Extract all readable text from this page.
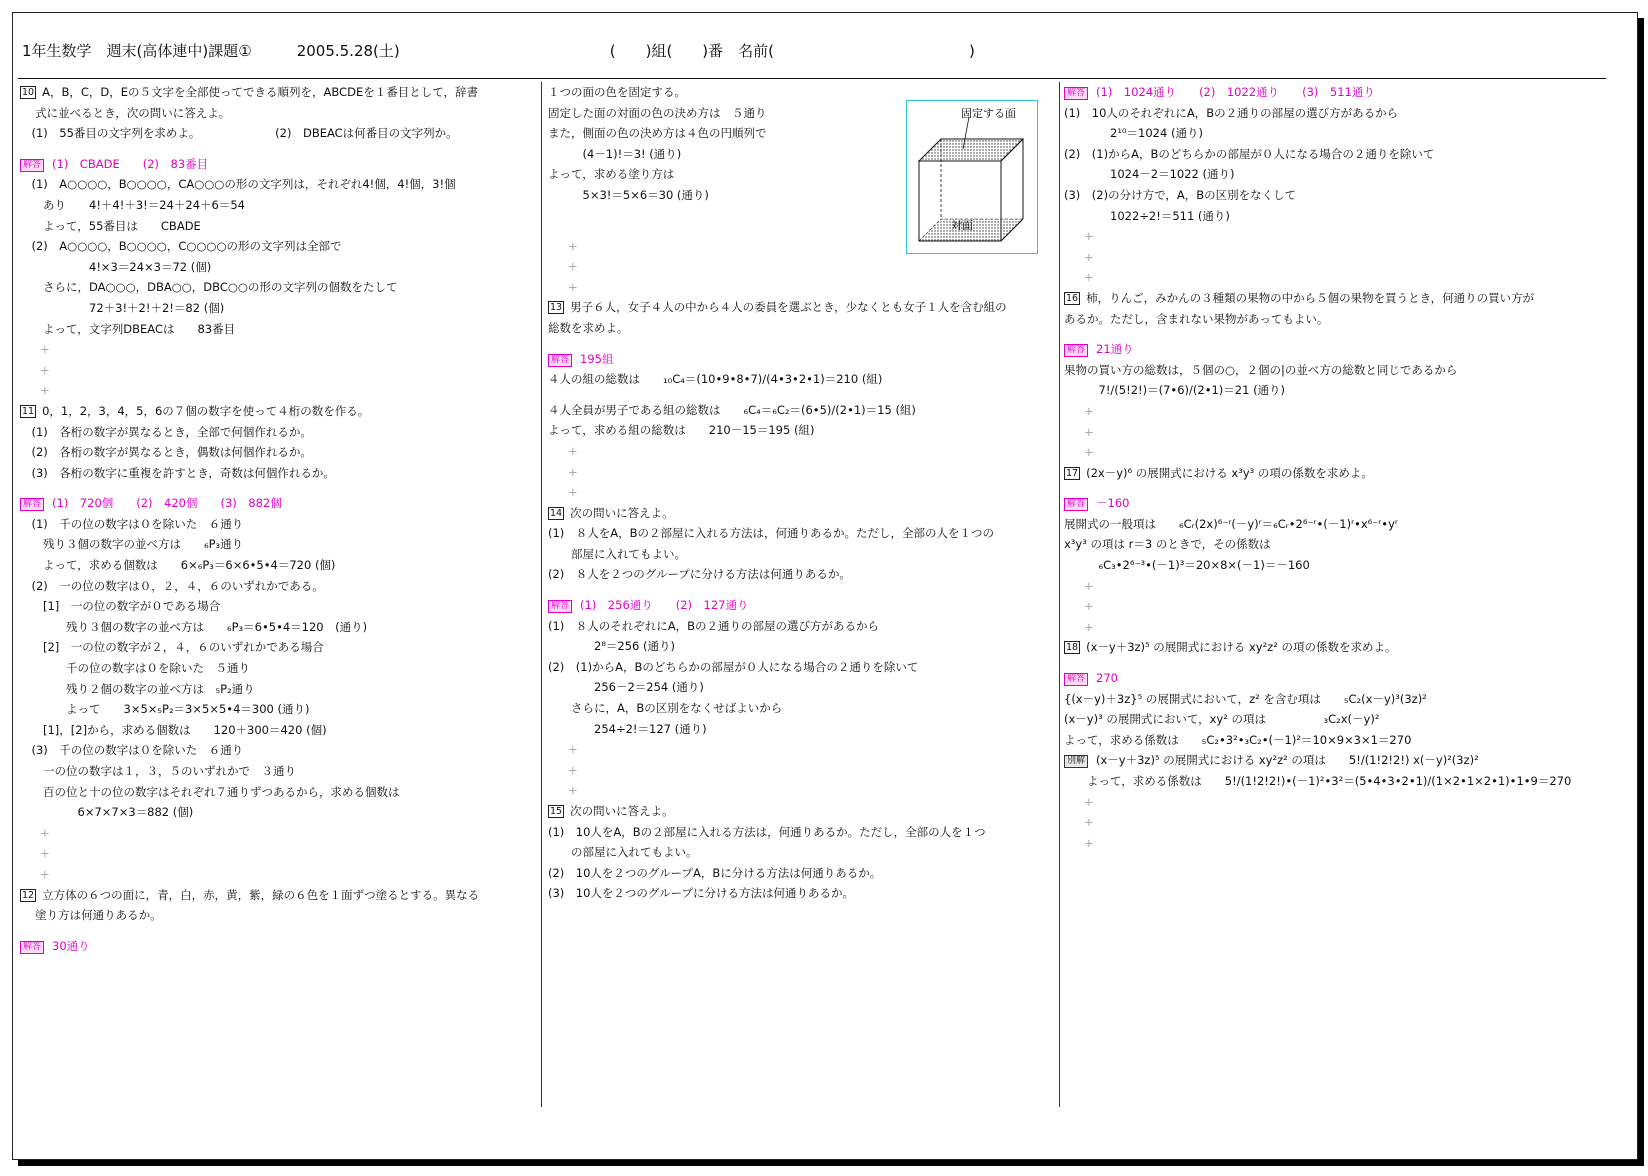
1年生数学　週末(高体連中)課題①　　　2005.5.28(土)　　　　　　　　　　　　　　(　　)組(　　)番　名前(　　　　　　　　　　　　　)
10 A，B，C，D，Eの５文字を全部使ってできる順列を，ABCDEを１番目として，辞書
　 式に並べるとき，次の問いに答えよ。
　(1)　55番目の文字列を求めよ。　　　　　　　(2)　DBEACは何番目の文字列か。
解答 (1)　CBADE　　(2)　83番目
　(1)　A○○○○，B○○○○，CA○○○の形の文字列は，それぞれ4!個，4!個，3!個
　　あり　　4!＋4!＋3!＝24＋24＋6＝54
　　よって，55番目は　　CBADE
　(2)　A○○○○，B○○○○，C○○○○の形の文字列は全部で
　　　　　　4!×3＝24×3＝72 (個)
　　さらに，DA○○○，DBA○○，DBC○○の形の文字列の個数をたして
　　　　　　72＋3!＋2!＋2!＝82 (個)
　　よって，文字列DBEACは　　83番目
+
+
+
11 0，1，2，3，4，5，6の７個の数字を使って４桁の数を作る。
　(1)　各桁の数字が異なるとき，全部で何個作れるか。
　(2)　各桁の数字が異なるとき，偶数は何個作れるか。
　(3)　各桁の数字に重複を許すとき，奇数は何個作れるか。
解答 (1)　720個　　(2)　420個　　(3)　882個
　(1)　千の位の数字は０を除いた　６通り
　　残り３個の数字の並べ方は　　₆P₃通り
　　よって，求める個数は　　6×₆P₃＝6×6•5•4＝720 (個)
　(2)　一の位の数字は０，２，４，６のいずれかである。
　　[1]　一の位の数字が０である場合
　　　　残り３個の数字の並べ方は　　₆P₃＝6•5•4＝120　(通り)
　　[2]　一の位の数字が２，４，６のいずれかである場合
　　　　千の位の数字は０を除いた　５通り
　　　　残り２個の数字の並べ方は　₅P₂通り
　　　　よって　　3×5×₅P₂＝3×5×5•4＝300 (通り)
　　[1]，[2]から，求める個数は　　120＋300＝420 (個)
　(3)　千の位の数字は０を除いた　６通り
　　一の位の数字は１，３，５のいずれかで　３通り
　　百の位と十の位の数字はそれぞれ７通りずつあるから，求める個数は
　　　　　6×7×7×3＝882 (個)
+
+
+
12 立方体の６つの面に，青，白，赤，黄，紫，緑の６色を１面ずつ塗るとする。異なる
　 塗り方は何通りあるか。
解答 30通り
１つの面の色を固定する。
固定した面の対面の色の決め方は　５通り
また，側面の色の決め方は４色の円順列で
　　　(4－1)!＝3! (通り)
よって，求める塗り方は
　　　5×3!＝5×6＝30 (通り)
+
+
+
13 男子６人，女子４人の中から４人の委員を選ぶとき，少なくとも女子１人を含む組の
総数を求めよ。
解答 195組
４人の組の総数は　　₁₀C₄＝(10•9•8•7)/(4•3•2•1)＝210 (組)
４人全員が男子である組の総数は　　₆C₄＝₆C₂＝(6•5)/(2•1)＝15 (組)
よって，求める組の総数は　　210－15＝195 (組)
+
+
+
14 次の問いに答えよ。
(1)　８人をA，Bの２部屋に入れる方法は，何通りあるか。ただし，全部の人を１つの
　　部屋に入れてもよい。
(2)　８人を２つのグループに分ける方法は何通りあるか。
解答 (1)　256通り　　(2)　127通り
(1)　８人のそれぞれにA，Bの２通りの部屋の選び方があるから
　　　　2⁸＝256 (通り)
(2)　(1)からA，Bのどちらかの部屋が０人になる場合の２通りを除いて
　　　　256－2＝254 (通り)
　　さらに，A，Bの区別をなくせばよいから
　　　　254÷2!＝127 (通り)
+
+
+
15 次の問いに答えよ。
(1)　10人をA，Bの２部屋に入れる方法は，何通りあるか。ただし，全部の人を１つ
　　の部屋に入れてもよい。
(2)　10人を２つのグループA，Bに分ける方法は何通りあるか。
(3)　10人を２つのグループに分ける方法は何通りあるか。
解答 (1)　1024通り　　(2)　1022通り　　(3)　511通り
(1)　10人のそれぞれにA，Bの２通りの部屋の選び方があるから
　　　　2¹⁰＝1024 (通り)
(2)　(1)からA，Bのどちらかの部屋が０人になる場合の２通りを除いて
　　　　1024－2＝1022 (通り)
(3)　(2)の分け方で，A，Bの区別をなくして
　　　　1022÷2!＝511 (通り)
+
+
+
16 柿，りんご，みかんの３種類の果物の中から５個の果物を買うとき，何通りの買い方が
あるか。ただし，含まれない果物があってもよい。
解答 21通り
果物の買い方の総数は，５個の○，２個の|の並べ方の総数と同じであるから
　　　7!/(5!2!)＝(7•6)/(2•1)＝21 (通り)
+
+
+
17 (2x－y)⁶ の展開式における x³y³ の項の係数を求めよ。
解答 －160
展開式の一般項は　　₆Cᵣ(2x)⁶⁻ʳ(－y)ʳ＝₆Cᵣ•2⁶⁻ʳ•(－1)ʳ•x⁶⁻ʳ•yʳ
x³y³ の項は r＝3 のときで，その係数は
　　　₆C₃•2⁶⁻³•(－1)³＝20×8×(－1)＝－160
+
+
+
18 (x－y＋3z)⁵ の展開式における xy²z² の項の係数を求めよ。
解答 270
{(x－y)＋3z}⁵ の展開式において，z² を含む項は　　₅C₂(x－y)³(3z)²
(x－y)³ の展開式において，xy² の項は　　　　　₃C₂x(－y)²
よって，求める係数は　　₅C₂•3²•₃C₂•(－1)²＝10×9×3×1＝270
別解 (x－y＋3z)⁵ の展開式における xy²z² の項は　　5!/(1!2!2!) x(－y)²(3z)²
　　よって，求める係数は　　5!/(1!2!2!)•(－1)²•3²＝(5•4•3•2•1)/(1×2•1×2•1)•1•9＝270
+
+
+
固定する面
対面
